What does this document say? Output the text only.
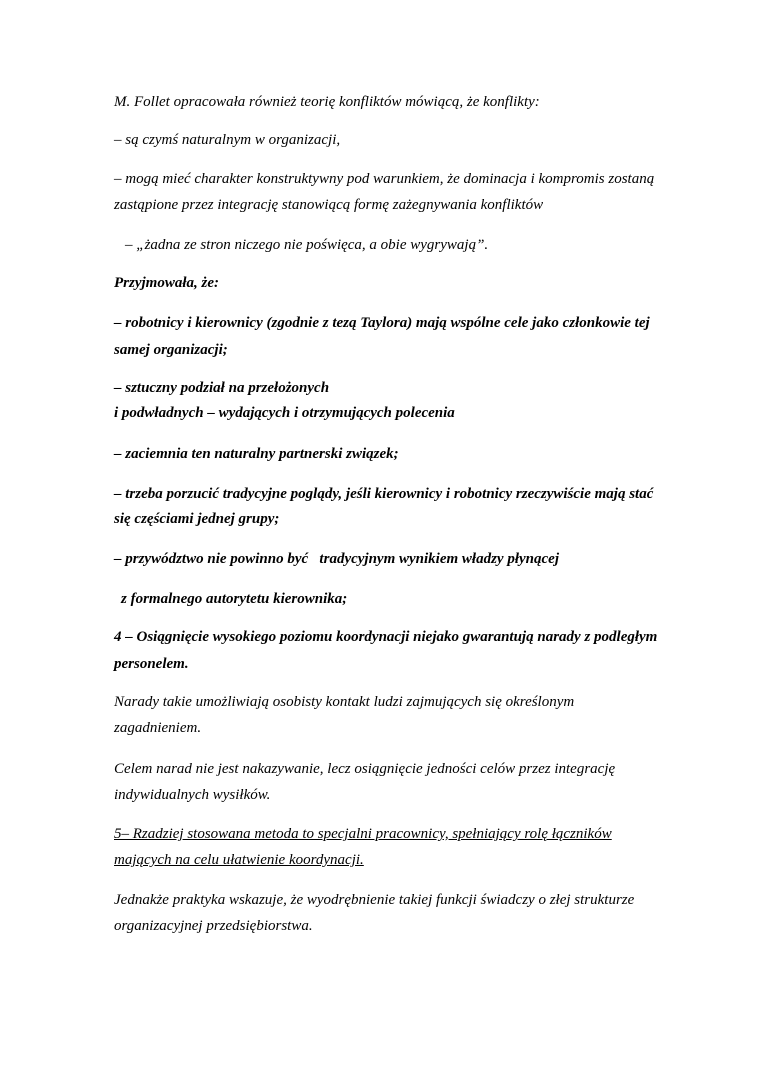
M. Follet opracowała również teorię konfliktów mówiącą, że konflikty:

– są czymś naturalnym w organizacji,

– mogą mieć charakter konstruktywny pod warunkiem, że dominacja i kompromis zostaną

zastąpione przez integrację stanowiącą formę zażegnywania konfliktów

– „żadna ze stron niczego nie poświęca, a obie wygrywają”.

Przyjmowała, że:

– robotnicy i kierownicy (zgodnie z tezą Taylora) mają wspólne cele jako członkowie tej

samej organizacji;

– sztuczny podział na przełożonych

i podwładnych – wydających i otrzymujących polecenia

– zaciemnia ten naturalny partnerski związek;

– trzeba porzucić tradycyjne poglądy, jeśli kierownicy i robotnicy rzeczywiście mają stać

się częściami jednej grupy;

– przywództwo nie powinno być   tradycyjnym wynikiem władzy płynącej

z formalnego autorytetu kierownika;

4 – Osiągnięcie wysokiego poziomu koordynacji niejako gwarantują narady z podległym

personelem.

Narady takie umożliwiają osobisty kontakt ludzi zajmujących się określonym

zagadnieniem.

Celem narad nie jest nakazywanie, lecz osiągnięcie jedności celów przez integrację

indywidualnych wysiłków.

5– Rzadziej stosowana metoda to specjalni pracownicy, spełniający rolę łączników

mających na celu ułatwienie koordynacji.

Jednakże praktyka wskazuje, że wyodrębnienie takiej funkcji świadczy o złej strukturze

organizacyjnej przedsiębiorstwa.
